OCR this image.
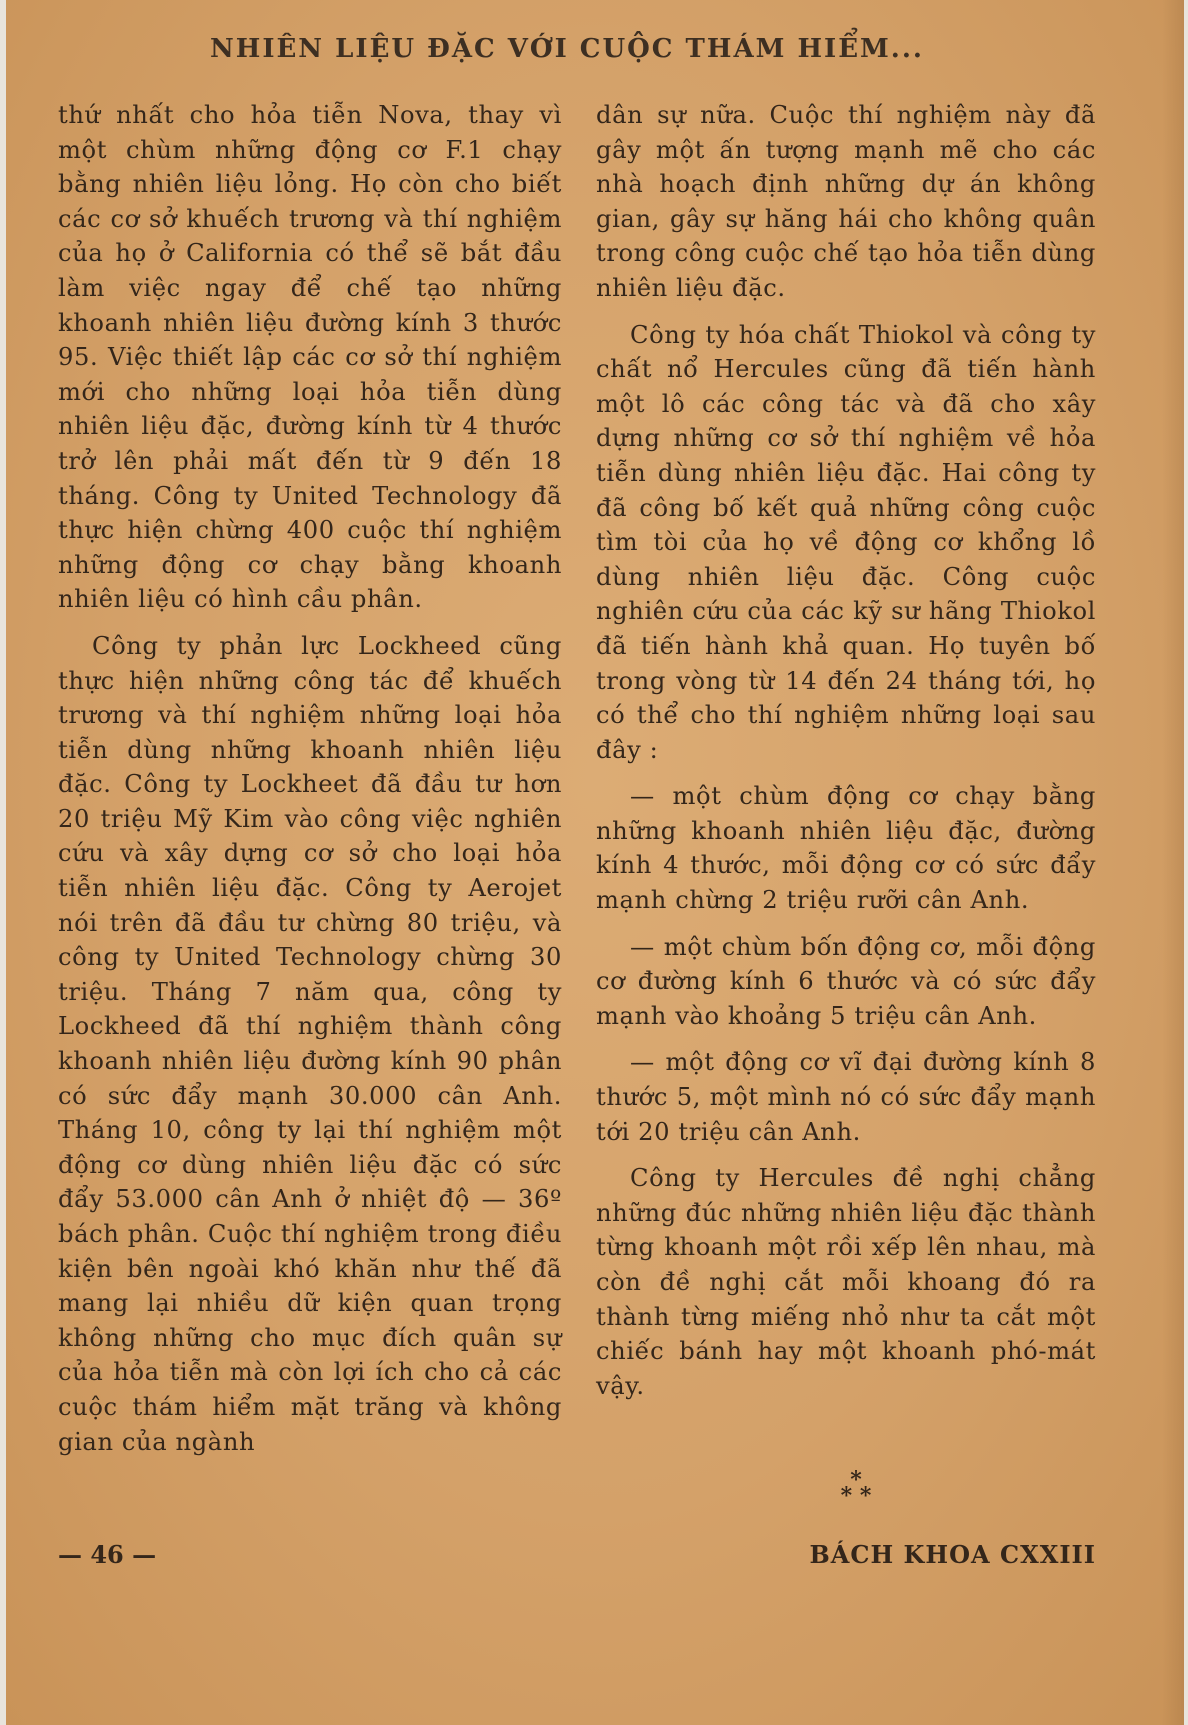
NHIÊN LIỆU ĐẶC VỚI CUỘC THÁM HIỂM...

thứ nhất cho hỏa tiễn Nova, thay vì một chùm những động cơ F.1 chạy bằng nhiên liệu lỏng. Họ còn cho biết các cơ sở khuếch trương và thí nghiệm của họ ở California có thể sẽ bắt đầu làm việc ngay để chế tạo những khoanh nhiên liệu đường kính 3 thước 95. Việc thiết lập các cơ sở thí nghiệm mới cho những loại hỏa tiễn dùng nhiên liệu đặc, đường kính từ 4 thước trở lên phải mất đến từ 9 đến 18 tháng. Công ty United Technology đã thực hiện chừng 400 cuộc thí nghiệm những động cơ chạy bằng khoanh nhiên liệu có hình cầu phân.

Công ty phản lực Lockheed cũng thực hiện những công tác để khuếch trương và thí nghiệm những loại hỏa tiễn dùng những khoanh nhiên liệu đặc. Công ty Lockheet đã đầu tư hơn 20 triệu Mỹ Kim vào công việc nghiên cứu và xây dựng cơ sở cho loại hỏa tiễn nhiên liệu đặc. Công ty Aerojet nói trên đã đầu tư chừng 80 triệu, và công ty United Technology chừng 30 triệu. Tháng 7 năm qua, công ty Lockheed đã thí nghiệm thành công khoanh nhiên liệu đường kính 90 phân có sức đẩy mạnh 30.000 cân Anh. Tháng 10, công ty lại thí nghiệm một động cơ dùng nhiên liệu đặc có sức đẩy 53.000 cân Anh ở nhiệt độ — 36º bách phân. Cuộc thí nghiệm trong điều kiện bên ngoài khó khăn như thế đã mang lại nhiều dữ kiện quan trọng không những cho mục đích quân sự của hỏa tiễn mà còn lợi ích cho cả các cuộc thám hiểm mặt trăng và không gian của ngành

dân sự nữa. Cuộc thí nghiệm này đã gây một ấn tượng mạnh mẽ cho các nhà hoạch định những dự án không gian, gây sự hăng hái cho không quân trong công cuộc chế tạo hỏa tiễn dùng nhiên liệu đặc.

Công ty hóa chất Thiokol và công ty chất nổ Hercules cũng đã tiến hành một lô các công tác và đã cho xây dựng những cơ sở thí nghiệm về hỏa tiễn dùng nhiên liệu đặc. Hai công ty đã công bố kết quả những công cuộc tìm tòi của họ về động cơ khổng lồ dùng nhiên liệu đặc. Công cuộc nghiên cứu của các kỹ sư hãng Thiokol đã tiến hành khả quan. Họ tuyên bố trong vòng từ 14 đến 24 tháng tới, họ có thể cho thí nghiệm những loại sau đây :

— một chùm động cơ chạy bằng những khoanh nhiên liệu đặc, đường kính 4 thước, mỗi động cơ có sức đẩy mạnh chừng 2 triệu rưỡi cân Anh.

— một chùm bốn động cơ, mỗi động cơ đường kính 6 thước và có sức đẩy mạnh vào khoảng 5 triệu cân Anh.

— một động cơ vĩ đại đường kính 8 thước 5, một mình nó có sức đẩy mạnh tới 20 triệu cân Anh.

Công ty Hercules đề nghị chẳng những đúc những nhiên liệu đặc thành từng khoanh một rồi xếp lên nhau, mà còn đề nghị cắt mỗi khoang đó ra thành từng miếng nhỏ như ta cắt một chiếc bánh hay một khoanh phó-mát vậy.

*
* *
— 46 —	BÁCH KHOA CXXIII
